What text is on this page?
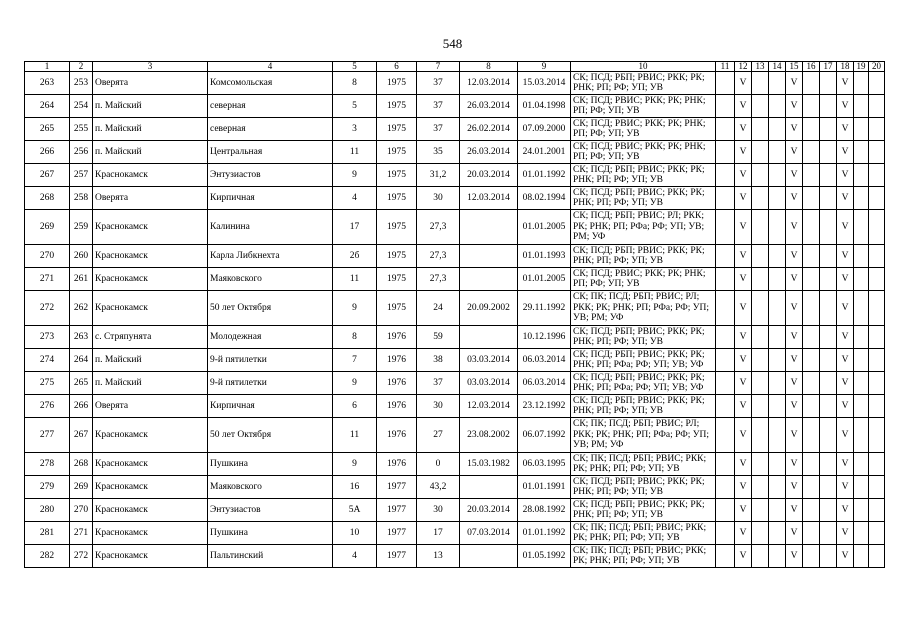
548
1	2	3	4	5	6	7	8	9	10	11	12	13	14	15	16	17	18	19	20
263	253	Оверята	Комсомольская	8	1975	37	12.03.2014	15.03.2014	СК; ПСД; РБП; РВИС; РКК; РК; РНК; РП; РФ; УП; УВ		V			V			V		
264	254	п. Майский	северная	5	1975	37	26.03.2014	01.04.1998	СК; ПСД; РВИС; РКК; РК; РНК; РП; РФ; УП; УВ		V			V			V		
265	255	п. Майский	северная	3	1975	37	26.02.2014	07.09.2000	СК; ПСД; РВИС; РКК; РК; РНК; РП; РФ; УП; УВ		V			V			V		
266	256	п. Майский	Центральная	11	1975	35	26.03.2014	24.01.2001	СК; ПСД; РВИС; РКК; РК; РНК; РП; РФ; УП; УВ		V			V			V		
267	257	Краснокамск	Энтузиастов	9	1975	31,2	20.03.2014	01.01.1992	СК; ПСД; РБП; РВИС; РКК; РК; РНК; РП; РФ; УП; УВ		V			V			V		
268	258	Оверята	Кирпичная	4	1975	30	12.03.2014	08.02.1994	СК; ПСД; РБП; РВИС; РКК; РК; РНК; РП; РФ; УП; УВ		V			V			V		
269	259	Краснокамск	Калинина	17	1975	27,3		01.01.2005	СК; ПСД; РБП; РВИС; РЛ; РКК; РК; РНК; РП; РФа; РФ; УП; УВ; РМ; УФ		V			V			V		
270	260	Краснокамск	Карла Либкнехта	2б	1975	27,3		01.01.1993	СК; ПСД; РБП; РВИС; РКК; РК; РНК; РП; РФ; УП; УВ		V			V			V		
271	261	Краснокамск	Маяковского	11	1975	27,3		01.01.2005	СК; ПСД; РВИС; РКК; РК; РНК; РП; РФ; УП; УВ		V			V			V		
272	262	Краснокамск	50 лет Октября	9	1975	24	20.09.2002	29.11.1992	СК; ПК; ПСД; РБП; РВИС; РЛ; РКК; РК; РНК; РП; РФа; РФ; УП; УВ; РМ; УФ		V			V			V		
273	263	с. Стряпунята	Молодежная	8	1976	59		10.12.1996	СК; ПСД; РБП; РВИС; РКК; РК; РНК; РП; РФ; УП; УВ		V			V			V		
274	264	п. Майский	9-й пятилетки	7	1976	38	03.03.2014	06.03.2014	СК; ПСД; РБП; РВИС; РКК; РК; РНК; РП; РФа; РФ; УП; УВ; УФ		V			V			V		
275	265	п. Майский	9-й пятилетки	9	1976	37	03.03.2014	06.03.2014	СК; ПСД; РБП; РВИС; РКК; РК; РНК; РП; РФа; РФ; УП; УВ; УФ		V			V			V		
276	266	Оверята	Кирпичная	6	1976	30	12.03.2014	23.12.1992	СК; ПСД; РБП; РВИС; РКК; РК; РНК; РП; РФ; УП; УВ		V			V			V		
277	267	Краснокамск	50 лет Октября	11	1976	27	23.08.2002	06.07.1992	СК; ПК; ПСД; РБП; РВИС; РЛ; РКК; РК; РНК; РП; РФа; РФ; УП; УВ; РМ; УФ		V			V			V		
278	268	Краснокамск	Пушкина	9	1976	0	15.03.1982	06.03.1995	СК; ПК; ПСД; РБП; РВИС; РКК; РК; РНК; РП; РФ; УП; УВ		V			V			V		
279	269	Краснокамск	Маяковского	16	1977	43,2		01.01.1991	СК; ПСД; РБП; РВИС; РКК; РК; РНК; РП; РФ; УП; УВ		V			V			V		
280	270	Краснокамск	Энтузиастов	5А	1977	30	20.03.2014	28.08.1992	СК; ПСД; РБП; РВИС; РКК; РК; РНК; РП; РФ; УП; УВ		V			V			V		
281	271	Краснокамск	Пушкина	10	1977	17	07.03.2014	01.01.1992	СК; ПК; ПСД; РБП; РВИС; РКК; РК; РНК; РП; РФ; УП; УВ		V			V			V		
282	272	Краснокамск	Пальтинский	4	1977	13		01.05.1992	СК; ПК; ПСД; РБП; РВИС; РКК; РК; РНК; РП; РФ; УП; УВ		V			V			V		
